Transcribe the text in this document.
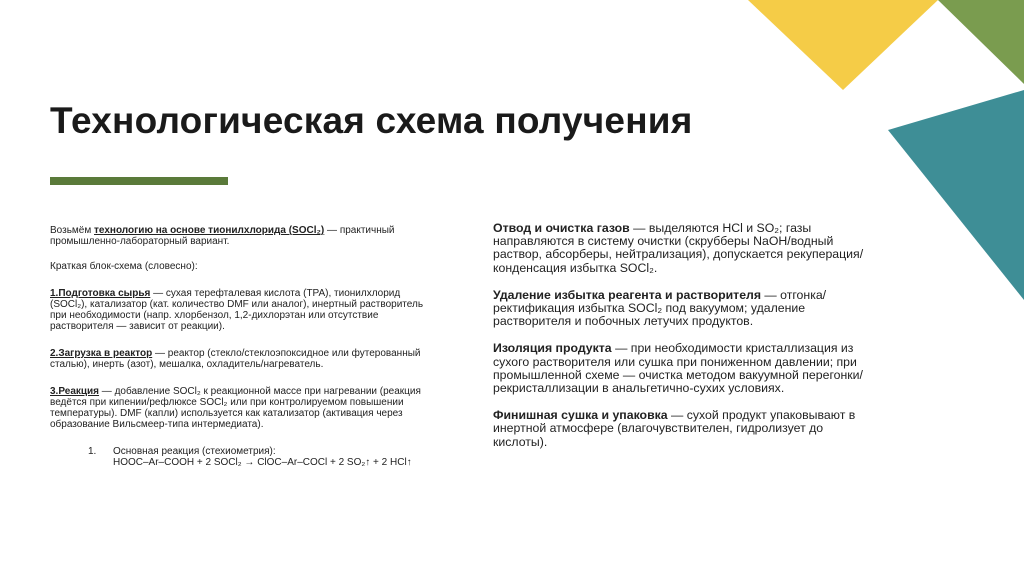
Технологическая схема получения

Возьмём технологию на основе тионилхлорида (SOCl₂) — практичный промышленно-лабораторный вариант.

Краткая блок-схема (словесно):

1.Подготовка сырья — сухая терефталевая кислота (TPA), тионилхлорид (SOCl₂), катализатор (кат. количество DMF или аналог), инертный растворитель при необходимости (напр. хлорбензол, 1,2-дихлорэтан или отсутствие растворителя — зависит от реакции).

2.Загрузка в реактор — реактор (стекло/стеклоэпоксидное или футерованный сталью), инерть (азот), мешалка, охладитель/нагреватель.

3.Реакция — добавление SOCl₂ к реакционной массе при нагревании (реакция ведётся при кипении/рефлюксе SOCl₂ или при контролируемом повышении температуры). DMF (капли) используется как катализатор (активация через образование Вильсмеер-типа интермедиата).

1.	Основная реакция (стехиометрия):
HOOC–Ar–COOH + 2 SOCl₂ → ClOC–Ar–COCl + 2 SO₂↑ + 2 HCl↑

Отвод и очистка газов — выделяются HCl и SO₂; газы направляются в систему очистки (скрубберы NaOH/водный раствор, абсорберы, нейтрализация), допускается рекуперация/конденсация избытка SOCl₂.

Удаление избытка реагента и растворителя — отгонка/ректификация избытка SOCl₂ под вакуумом; удаление растворителя и побочных летучих продуктов.

Изоляция продукта — при необходимости кристаллизация из сухого растворителя или сушка при пониженном давлении; при промышленной схеме — очистка методом вакуумной перегонки/рекристаллизации в анальгетично-сухих условиях.

Финишная сушка и упаковка — сухой продукт упаковывают в инертной атмосфере (влагочувствителен, гидролизует до кислоты).
